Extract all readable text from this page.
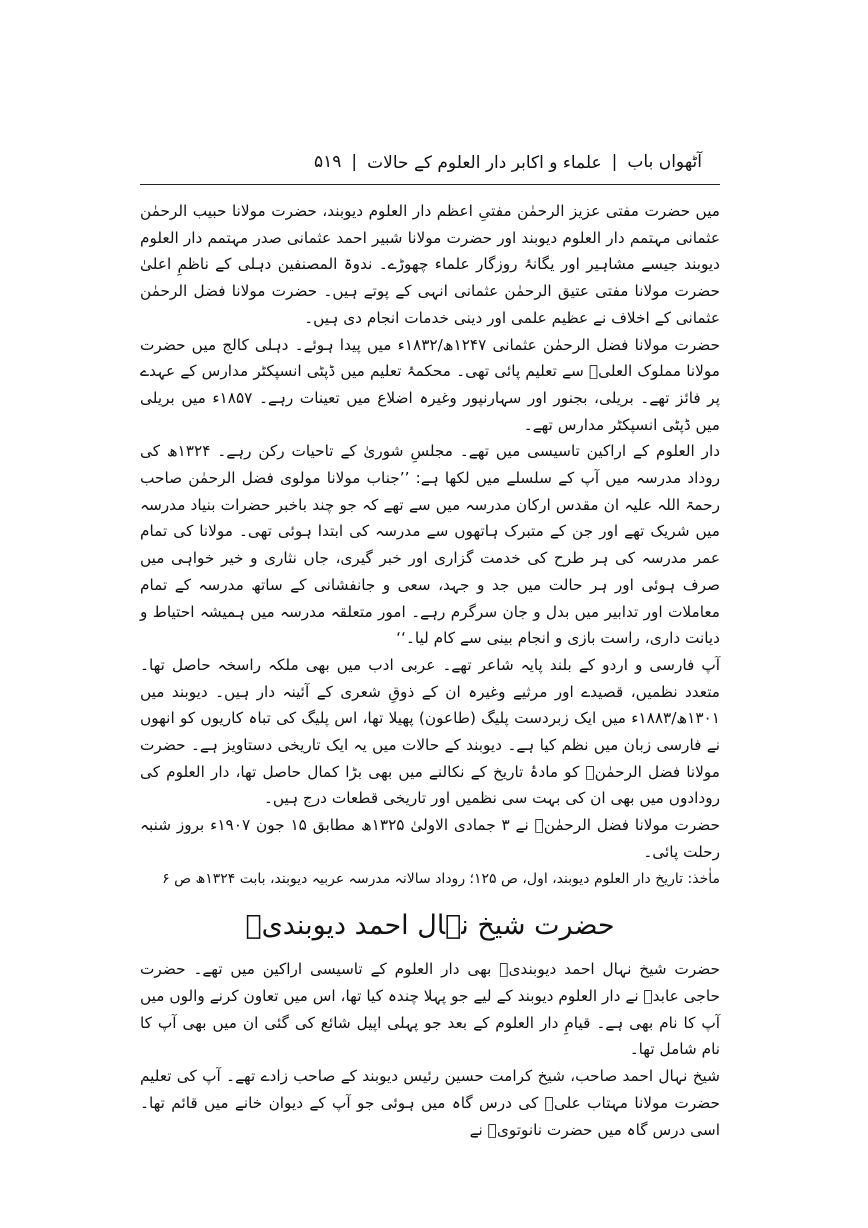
آٹھواں باب
|
علماء و اکابر دار العلوم کے حالات
|
۵۱۹

میں حضرت مفتی عزیز الرحمٰن مفتیِ اعظم دار العلوم دیوبند، حضرت مولانا حبیب الرحمٰن عثمانی مہتمم دار العلوم دیوبند اور حضرت مولانا شبیر احمد عثمانی صدر مہتمم دار العلوم دیوبند جیسے مشاہیر اور یگانۂ روزگار علماء چھوڑے۔ ندوۃ المصنفین دہلی کے ناظمِ اعلیٰ حضرت مولانا مفتی عتیق الرحمٰن عثمانی انہی کے پوتے ہیں۔ حضرت مولانا فضل الرحمٰن عثمانی کے اخلاف نے عظیم علمی اور دینی خدمات انجام دی ہیں۔

حضرت مولانا فضل الرحمٰن عثمانی ۱۲۴۷ھ/۱۸۳۲ء میں پیدا ہوئے۔ دہلی کالج میں حضرت مولانا مملوک العلیؒ سے تعلیم پائی تھی۔ محکمۂ تعلیم میں ڈپٹی انسپکٹر مدارس کے عہدے پر فائز تھے۔ بریلی، بجنور اور سہارنپور وغیرہ اضلاع میں تعینات رہے۔ ۱۸۵۷ء میں بریلی میں ڈپٹی انسپکٹر مدارس تھے۔

دار العلوم کے اراکین تاسیسی میں تھے۔ مجلسِ شوریٰ کے تاحیات رکن رہے۔ ۱۳۲۴ھ کی روداد مدرسہ میں آپ کے سلسلے میں لکھا ہے: ’’جناب مولانا مولوی فضل الرحمٰن صاحب رحمۃ اللہ علیہ ان مقدس ارکان مدرسہ میں سے تھے کہ جو چند باخبر حضرات بنیاد مدرسہ میں شریک تھے اور جن کے متبرک ہاتھوں سے مدرسہ کی ابتدا ہوئی تھی۔ مولانا کی تمام عمر مدرسہ کی ہر طرح کی خدمت گزاری اور خبر گیری، جاں نثاری و خیر خواہی میں صرف ہوئی اور ہر حالت میں جد و جہد، سعی و جانفشانی کے ساتھ مدرسہ کے تمام معاملات اور تدابیر میں بدل و جان سرگرم رہے۔ امور متعلقہ مدرسہ میں ہمیشہ احتیاط و دیانت داری، راست بازی و انجام بینی سے کام لیا۔‘‘

آپ فارسی و اردو کے بلند پایہ شاعر تھے۔ عربی ادب میں بھی ملکہ راسخہ حاصل تھا۔ متعدد نظمیں، قصیدے اور مرثیے وغیرہ ان کے ذوقِ شعری کے آئینہ دار ہیں۔ دیوبند میں ۱۳۰۱ھ/۱۸۸۳ء میں ایک زبردست پلیگ (طاعون) پھیلا تھا، اس پلیگ کی تباہ کاریوں کو انھوں نے فارسی زبان میں نظم کیا ہے۔ دیوبند کے حالات میں یہ ایک تاریخی دستاویز ہے۔ حضرت مولانا فضل الرحمٰنؒ کو مادۂ تاریخ کے نکالنے میں بھی بڑا کمال حاصل تھا، دار العلوم کی رودادوں میں بھی ان کی بہت سی نظمیں اور تاریخی قطعات درج ہیں۔

حضرت مولانا فضل الرحمٰنؒ نے ۳ جمادی الاولیٰ ۱۳۲۵ھ مطابق ۱۵ جون ۱۹۰۷ء بروز شنبہ رحلت پائی۔

ماٰخذ: تاریخ دار العلوم دیوبند، اول، ص ۱۲۵؛ روداد سالانہ مدرسہ عربیہ دیوبند، بابت ۱۳۲۴ھ ص ۶

حضرت شیخ نہال احمد دیوبندیؒ

حضرت شیخ نہال احمد دیوبندیؒ بھی دار العلوم کے تاسیسی اراکین میں تھے۔ حضرت حاجی عابدؒ نے دار العلوم دیوبند کے لیے جو پہلا چندہ کیا تھا، اس میں تعاون کرنے والوں میں آپ کا نام بھی ہے۔ قیامِ دار العلوم کے بعد جو پہلی اپیل شائع کی گئی ان میں بھی آپ کا نام شامل تھا۔

شیخ نہال احمد صاحب، شیخ کرامت حسین رئیس دیوبند کے صاحب زادے تھے۔ آپ کی تعلیم حضرت مولانا مہتاب علیؒ کی درس گاہ میں ہوئی جو آپ کے دیوان خانے میں قائم تھا۔ اسی درس گاہ میں حضرت نانوتویؒ نے
